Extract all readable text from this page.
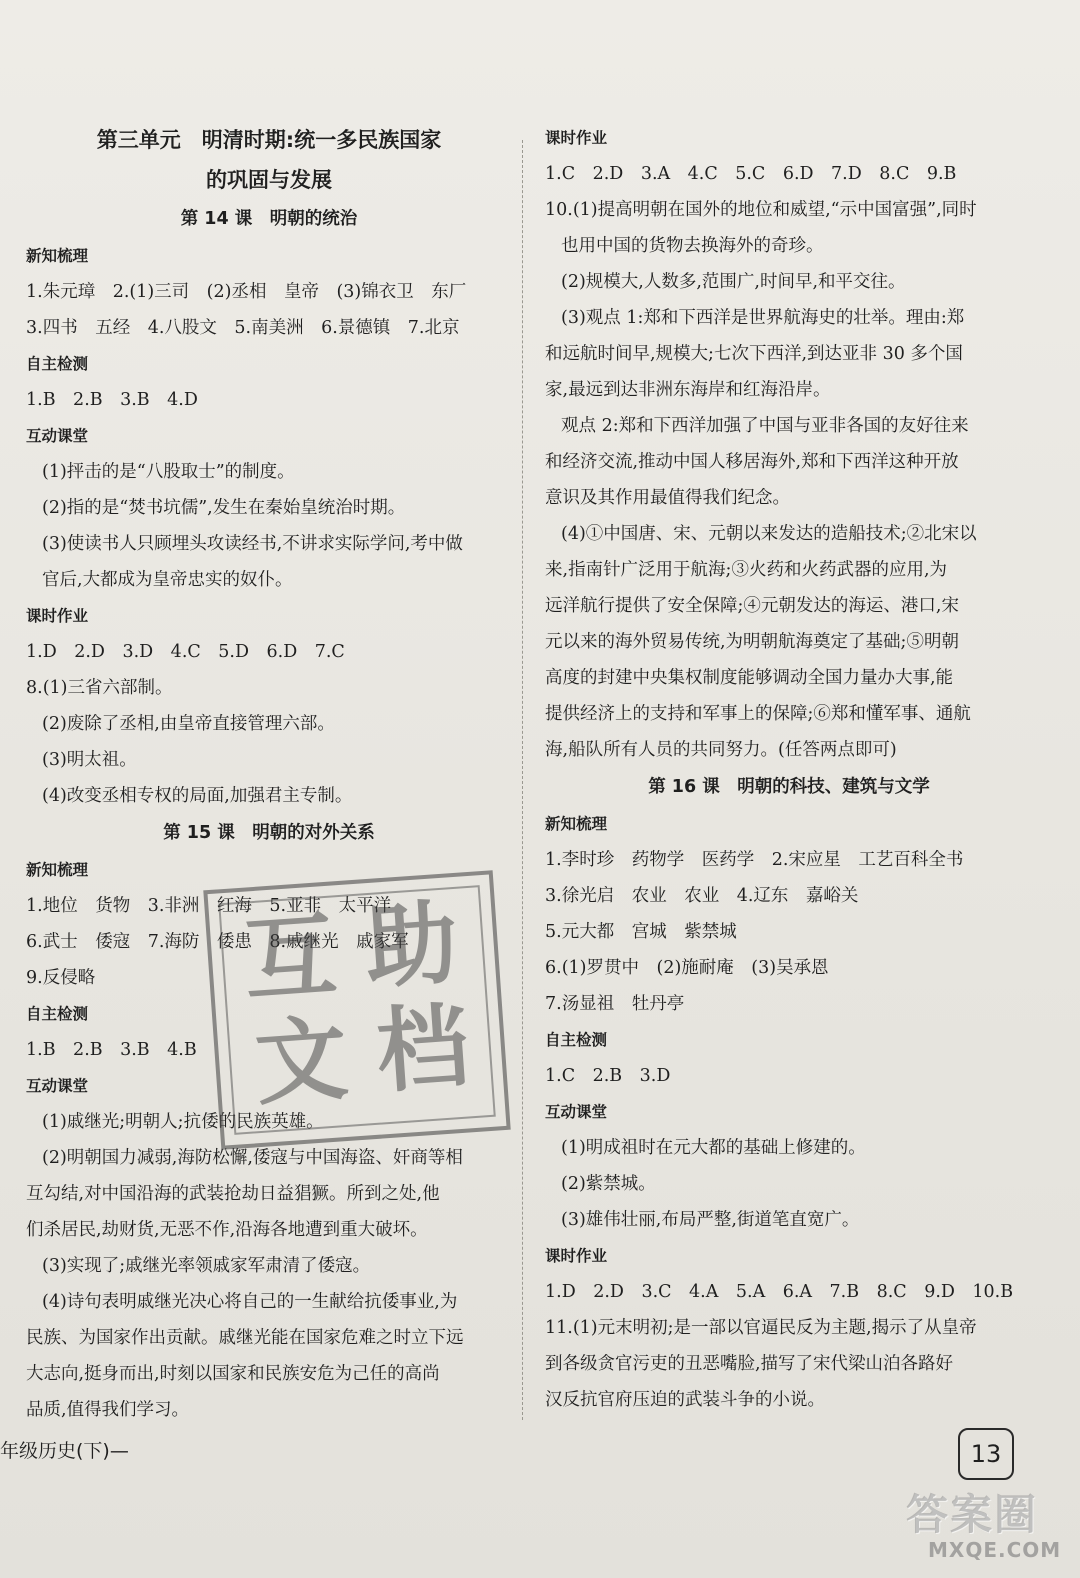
第三单元　明清时期:统一多民族国家
的巩固与发展
第 14 课　明朝的统治
新知梳理
1.朱元璋　2.(1)三司　(2)丞相　皇帝　(3)锦衣卫　东厂
3.四书　五经　4.八股文　5.南美洲　6.景德镇　7.北京
自主检测
1.B　2.B　3.B　4.D
互动课堂
(1)抨击的是“八股取士”的制度。
(2)指的是“焚书坑儒”,发生在秦始皇统治时期。
(3)使读书人只顾埋头攻读经书,不讲求实际学问,考中做
官后,大都成为皇帝忠实的奴仆。
课时作业
1.D　2.D　3.D　4.C　5.D　6.D　7.C
8.(1)三省六部制。
(2)废除了丞相,由皇帝直接管理六部。
(3)明太祖。
(4)改变丞相专权的局面,加强君主专制。
第 15 课　明朝的对外关系
新知梳理
1.地位　货物　3.非洲　红海　5.亚非　太平洋
6.武士　倭寇　7.海防　倭患　8.戚继光　戚家军
9.反侵略
自主检测
1.B　2.B　3.B　4.B
互动课堂
(1)戚继光;明朝人;抗倭的民族英雄。
(2)明朝国力减弱,海防松懈,倭寇与中国海盗、奸商等相
互勾结,对中国沿海的武装抢劫日益猖獗。所到之处,他
们杀居民,劫财货,无恶不作,沿海各地遭到重大破坏。
(3)实现了;戚继光率领戚家军肃清了倭寇。
(4)诗句表明戚继光决心将自己的一生献给抗倭事业,为
民族、为国家作出贡献。戚继光能在国家危难之时立下远
大志向,挺身而出,时刻以国家和民族安危为己任的高尚
品质,值得我们学习。
课时作业
1.C　2.D　3.A　4.C　5.C　6.D　7.D　8.C　9.B
10.(1)提高明朝在国外的地位和威望,“示中国富强”,同时
也用中国的货物去换海外的奇珍。
(2)规模大,人数多,范围广,时间早,和平交往。
(3)观点 1:郑和下西洋是世界航海史的壮举。理由:郑
和远航时间早,规模大;七次下西洋,到达亚非 30 多个国
家,最远到达非洲东海岸和红海沿岸。
观点 2:郑和下西洋加强了中国与亚非各国的友好往来
和经济交流,推动中国人移居海外,郑和下西洋这种开放
意识及其作用最值得我们纪念。
(4)①中国唐、宋、元朝以来发达的造船技术;②北宋以
来,指南针广泛用于航海;③火药和火药武器的应用,为
远洋航行提供了安全保障;④元朝发达的海运、港口,宋
元以来的海外贸易传统,为明朝航海奠定了基础;⑤明朝
高度的封建中央集权制度能够调动全国力量办大事,能
提供经济上的支持和军事上的保障;⑥郑和懂军事、通航
海,船队所有人员的共同努力。(任答两点即可)
第 16 课　明朝的科技、建筑与文学
新知梳理
1.李时珍　药物学　医药学　2.宋应星　工艺百科全书
3.徐光启　农业　农业　4.辽东　嘉峪关
5.元大都　宫城　紫禁城
6.(1)罗贯中　(2)施耐庵　(3)吴承恩
7.汤显祖　牡丹亭
自主检测
1.C　2.B　3.D
互动课堂
(1)明成祖时在元大都的基础上修建的。
(2)紫禁城。
(3)雄伟壮丽,布局严整,街道笔直宽广。
课时作业
1.D　2.D　3.C　4.A　5.A　6.A　7.B　8.C　9.D　10.B
11.(1)元末明初;是一部以官逼民反为主题,揭示了从皇帝
到各级贪官污吏的丑恶嘴脸,描写了宋代梁山泊各路好
汉反抗官府压迫的武装斗争的小说。
互 助
文 档
年级历史(下)—	13
答案圈
MXQE.COM
